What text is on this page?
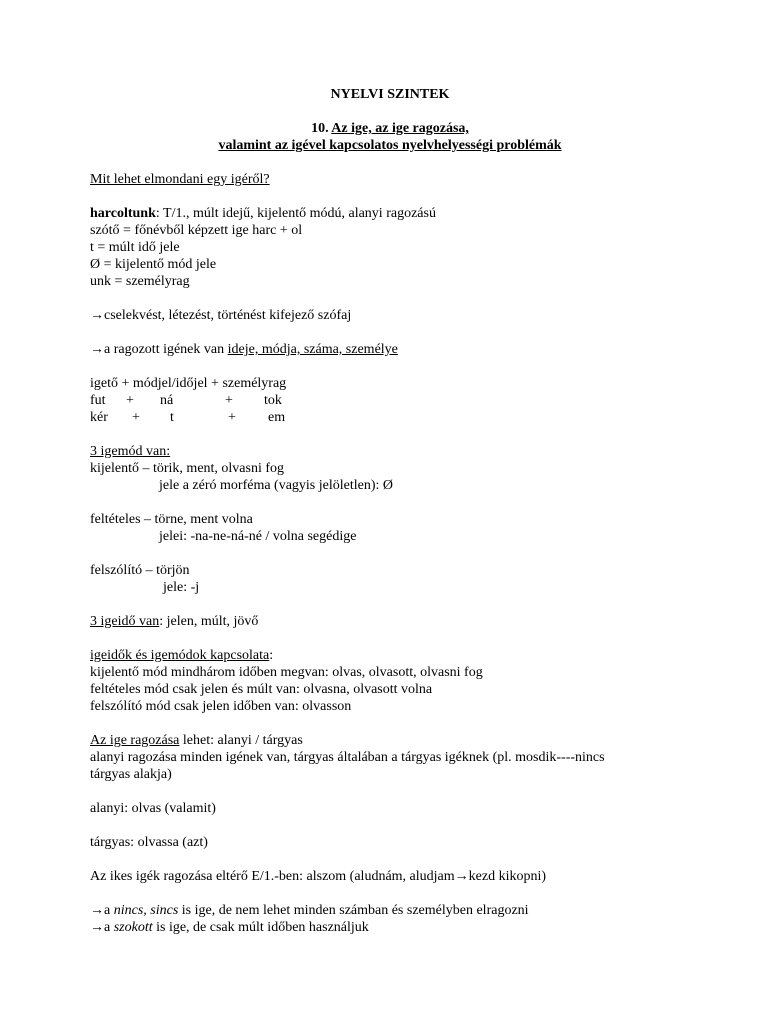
NYELVI SZINTEK
10. Az ige, az ige ragozása,
valamint az igével kapcsolatos nyelvhelyességi problémák

Mit lehet elmondani egy igéről?

harcoltunk: T/1., múlt idejű, kijelentő módú, alanyi ragozású

szótő = főnévből képzett ige harc + ol

t = múlt idő jele

Ø = kijelentő mód jele

unk = személyrag

→cselekvést, létezést, történést kifejező szófaj

→a ragozott igének van ideje, módja, száma, személye

igető + módjel/időjel + személyrag

fut + ná	+ tok
kér + t	+ em

3 igemód van:

kijelentő – törik, ment, olvasni fog

jele a zéró morféma (vagyis jelöletlen): Ø

feltételes – törne, ment volna

jelei: -na-ne-ná-né / volna segédige

felszólító – törjön

jele: -j

3 igeidő van: jelen, múlt, jövő

igeidők és igemódok kapcsolata:

kijelentő mód mindhárom időben megvan: olvas, olvasott, olvasni fog

feltételes mód csak jelen és múlt van: olvasna, olvasott volna

felszólító mód csak jelen időben van: olvasson

Az ige ragozása lehet: alanyi / tárgyas

alanyi ragozása minden igének van, tárgyas általában a tárgyas igéknek (pl. mosdik----nincs

tárgyas alakja)

alanyi: olvas (valamit)

tárgyas: olvassa (azt)

Az ikes igék ragozása eltérő E/1.-ben: alszom (aludnám, aludjam→kezd kikopni)

→a nincs, sincs is ige, de nem lehet minden számban és személyben elragozni

→a szokott is ige, de csak múlt időben használjuk
